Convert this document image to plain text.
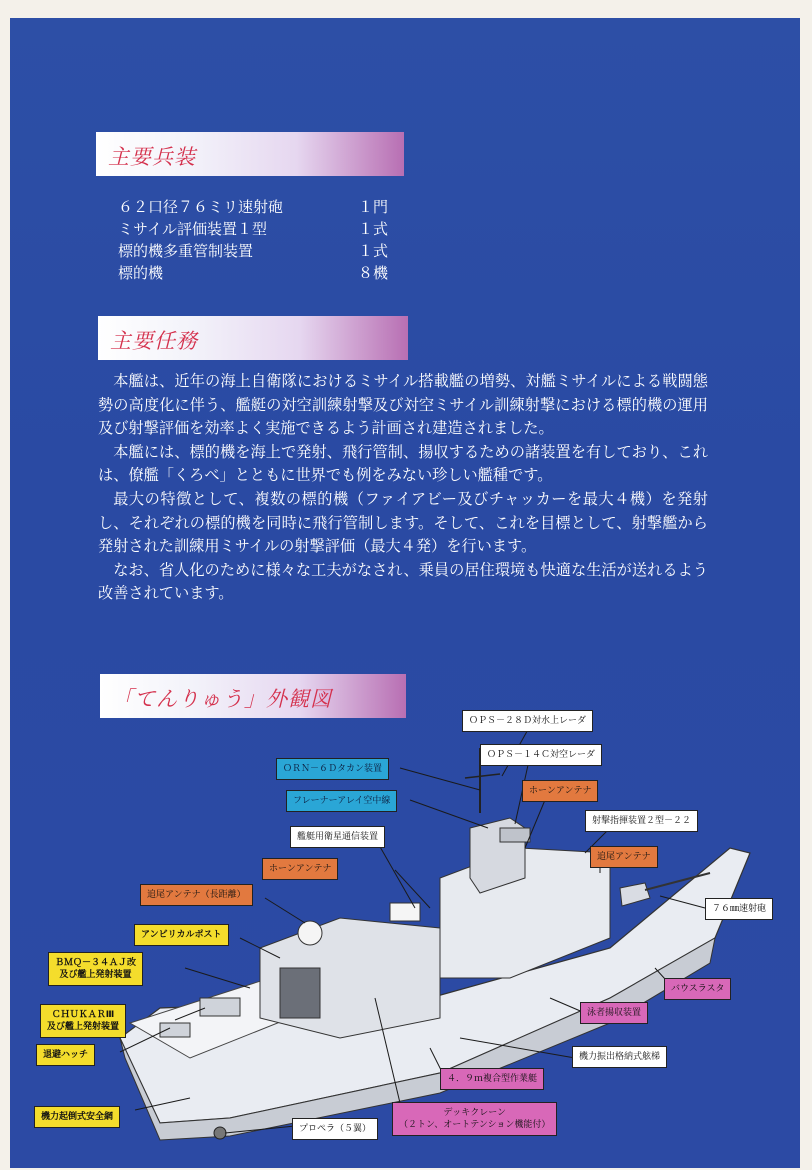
主要兵装
６２口径７６ミリ速射砲	１門
ミサイル評価装置１型	１式
標的機多重管制装置	１式
標的機	８機
主要任務

本艦は、近年の海上自衛隊におけるミサイル搭載艦の増勢、対艦ミサイルによる戦闘態勢の高度化に伴う、艦艇の対空訓練射撃及び対空ミサイル訓練射撃における標的機の運用及び射撃評価を効率よく実施できるよう計画され建造されました。

本艦には、標的機を海上で発射、飛行管制、揚収するための諸装置を有しており、これは、僚艦「くろべ」とともに世界でも例をみない珍しい艦種です。

最大の特徴として、複数の標的機（ファイアビー及びチャッカーを最大４機）を発射し、それぞれの標的機を同時に飛行管制します。そして、これを目標として、射撃艦から発射された訓練用ミサイルの射撃評価（最大４発）を行います。

なお、省人化のために様々な工夫がなされ、乗員の居住環境も快適な生活が送れるよう改善されています。

「てんりゅう」外観図
ＯＰＳ－２８Ｄ対水上レーダ
ＯＰＳ－１４Ｃ対空レーダ
ＯＲＮ－６Ｄタカン装置
フレーナーアレイ空中線
ホーンアンテナ
射撃指揮装置２型－２２
艦艇用衛星通信装置
追尾アンテナ
ホーンアンテナ
追尾アンテナ（長距離）
７６㎜速射砲
アンビリカルポスト
ＢＭＱ－３４ＡＪ改
及び艦上発射装置
バウスラスタ
ＣＨＵＫＡＲⅢ
及び艦上発射装置
泳者揚収装置
退避ハッチ	機力振出格納式舷梯
４．９ｍ複合型作業艇
機力起倒式安全網
プロペラ（５翼）
デッキクレーン
（２トン、オートテンション機能付）
